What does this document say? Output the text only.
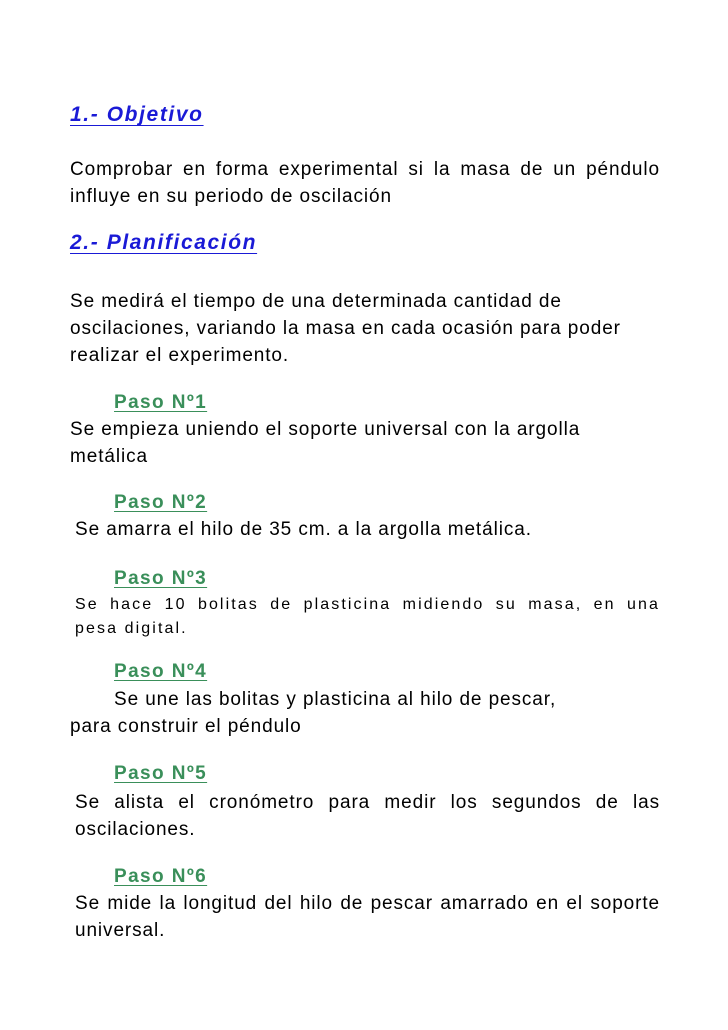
1.- Objetivo

Comprobar en forma experimental si la masa de un péndulo influye en su periodo de oscilación

2.- Planificación

Se medirá el tiempo de una determinada cantidad de oscilaciones, variando la masa en cada ocasión para poder realizar el experimento.

Paso Nº1

Se empieza uniendo el soporte universal con la argolla metálica

Paso Nº2

Se amarra el hilo de 35 cm. a la argolla metálica.

Paso Nº3

Se hace 10 bolitas de plasticina midiendo su masa, en una pesa digital.

Paso Nº4

Se une las bolitas y plasticina al hilo de pescar,

para construir el péndulo

Paso Nº5

Se alista el cronómetro para medir los segundos de las oscilaciones.

Paso Nº6

Se mide la longitud del hilo de pescar amarrado en el soporte universal.
